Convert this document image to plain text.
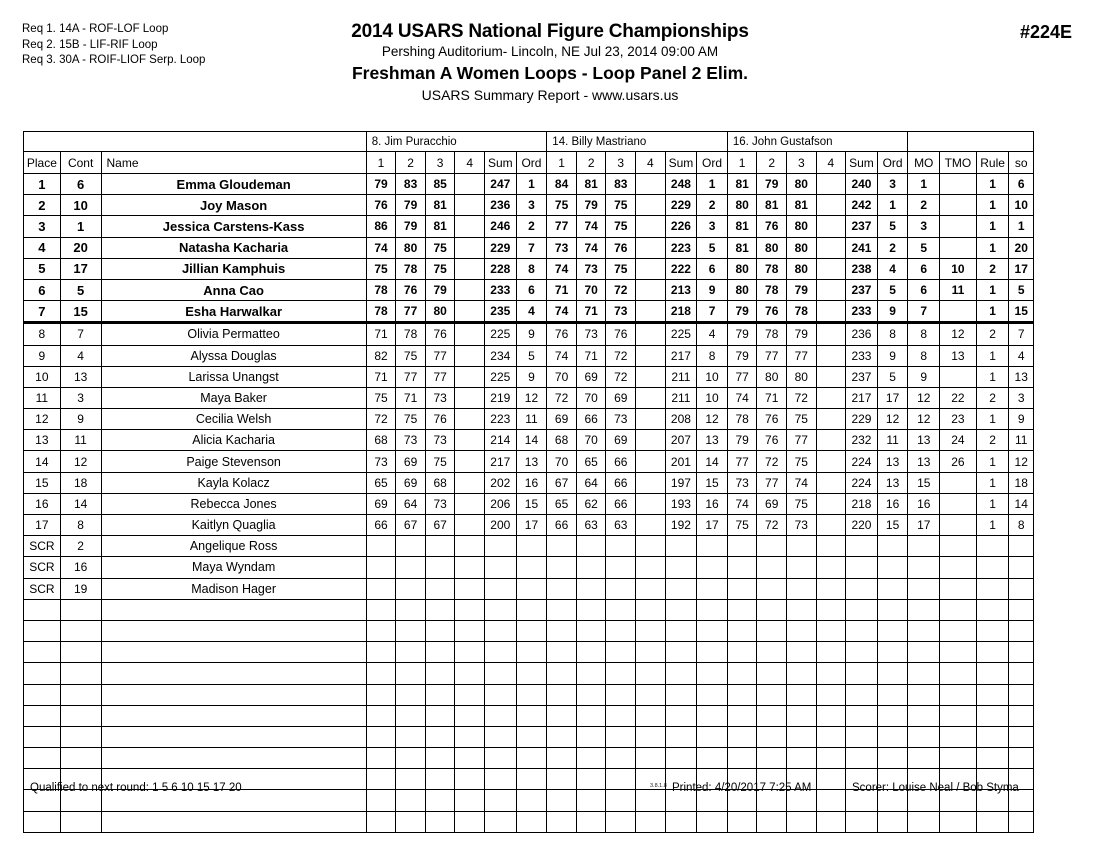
Req 1. 14A - ROF-LOF Loop
Req 2. 15B - LIF-RIF Loop
Req 3. 30A - ROIF-LIOF Serp. Loop
2014 USARS National Figure Championships
Pershing Auditorium- Lincoln, NE Jul 23, 2014 09:00 AM
Freshman A Women Loops - Loop Panel 2 Elim.
USARS Summary Report - www.usars.us
#224E
			8. Jim Puracchio						14. Billy Mastriano						16. John Gustafson									
Place	Cont	Name	1	2	3	4	Sum	Ord	1	2	3	4	Sum	Ord	1	2	3	4	Sum	Ord	MO	TMO	Rule	so
1	6	Emma Gloudeman	79	83	85		247	1	84	81	83		248	1	81	79	80		240	3	1		1	6
2	10	Joy Mason	76	79	81		236	3	75	79	75		229	2	80	81	81		242	1	2		1	10
3	1	Jessica Carstens-Kass	86	79	81		246	2	77	74	75		226	3	81	76	80		237	5	3		1	1
4	20	Natasha Kacharia	74	80	75		229	7	73	74	76		223	5	81	80	80		241	2	5		1	20
5	17	Jillian Kamphuis	75	78	75		228	8	74	73	75		222	6	80	78	80		238	4	6	10	2	17
6	5	Anna Cao	78	76	79		233	6	71	70	72		213	9	80	78	79		237	5	6	11	1	5
7	15	Esha Harwalkar	78	77	80		235	4	74	71	73		218	7	79	76	78		233	9	7		1	15
8	7	Olivia Permatteo	71	78	76		225	9	76	73	76		225	4	79	78	79		236	8	8	12	2	7
9	4	Alyssa Douglas	82	75	77		234	5	74	71	72		217	8	79	77	77		233	9	8	13	1	4
10	13	Larissa Unangst	71	77	77		225	9	70	69	72		211	10	77	80	80		237	5	9		1	13
11	3	Maya Baker	75	71	73		219	12	72	70	69		211	10	74	71	72		217	17	12	22	2	3
12	9	Cecilia Welsh	72	75	76		223	11	69	66	73		208	12	78	76	75		229	12	12	23	1	9
13	11	Alicia Kacharia	68	73	73		214	14	68	70	69		207	13	79	76	77		232	11	13	24	2	11
14	12	Paige Stevenson	73	69	75		217	13	70	65	66		201	14	77	72	75		224	13	13	26	1	12
15	18	Kayla Kolacz	65	69	68		202	16	67	64	66		197	15	73	77	74		224	13	15		1	18
16	14	Rebecca Jones	69	64	73		206	15	65	62	66		193	16	74	69	75		218	16	16		1	14
17	8	Kaitlyn Quaglia	66	67	67		200	17	66	63	63		192	17	75	72	73		220	15	17		1	8
SCR	2	Angelique Ross																						
SCR	16	Maya Wyndam																						
SCR	19	Madison Hager																						

Qualified to next round: 1 5 6 10 15 17 20	3.8.1.8 Printed: 4/20/2017 7:25 AM	Scorer: Louise Neal / Bob Styma
